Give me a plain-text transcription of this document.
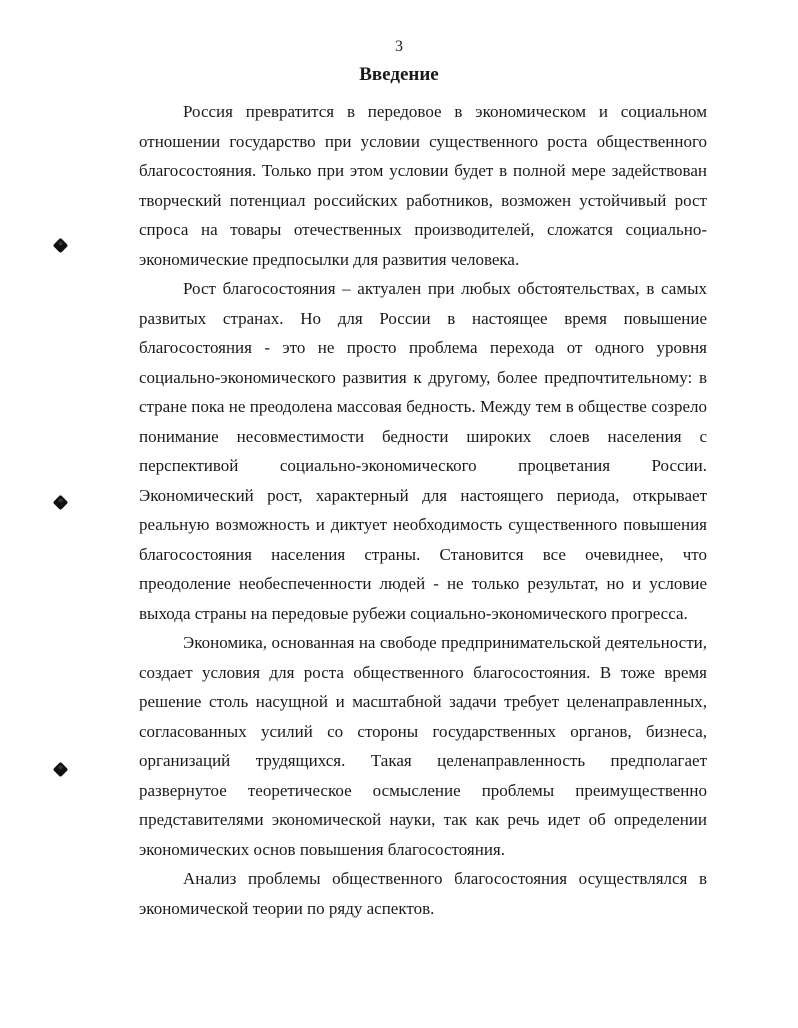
3
Введение

Россия превратится в передовое в экономическом и социальном отношении государство при условии существенного роста общественного благосостояния. Только при этом условии будет в полной мере задействован творческий потенциал российских работников, возможен устойчивый рост спроса на товары отечественных производителей, сложатся социально-экономические предпосылки для развития человека.

Рост благосостояния – актуален при любых обстоятельствах, в самых развитых странах. Но для России в настоящее время повышение благосостояния - это не просто проблема перехода от одного уровня социально-экономического развития к другому, более предпочтительному: в стране пока не преодолена массовая бедность. Между тем в обществе созрело понимание несовместимости бедности широких слоев населения с перспективой социально-экономического процветания России. Экономический рост, характерный для настоящего периода, открывает реальную возможность и диктует необходимость существенного повышения благосостояния населения страны. Становится все очевиднее, что преодоление необеспеченности людей - не только результат, но и условие выхода страны на передовые рубежи социально-экономического прогресса.

Экономика, основанная на свободе предпринимательской деятельности, создает условия для роста общественного благосостояния. В тоже время решение столь насущной и масштабной задачи требует целенаправленных, согласованных усилий со стороны государственных органов, бизнеса, организаций трудящихся. Такая целенаправленность предполагает развернутое теоретическое осмысление проблемы преимущественно представителями экономической науки, так как речь идет об определении экономических основ повышения благосостояния.

Анализ проблемы общественного благосостояния осуществлялся в экономической теории по ряду аспектов.
